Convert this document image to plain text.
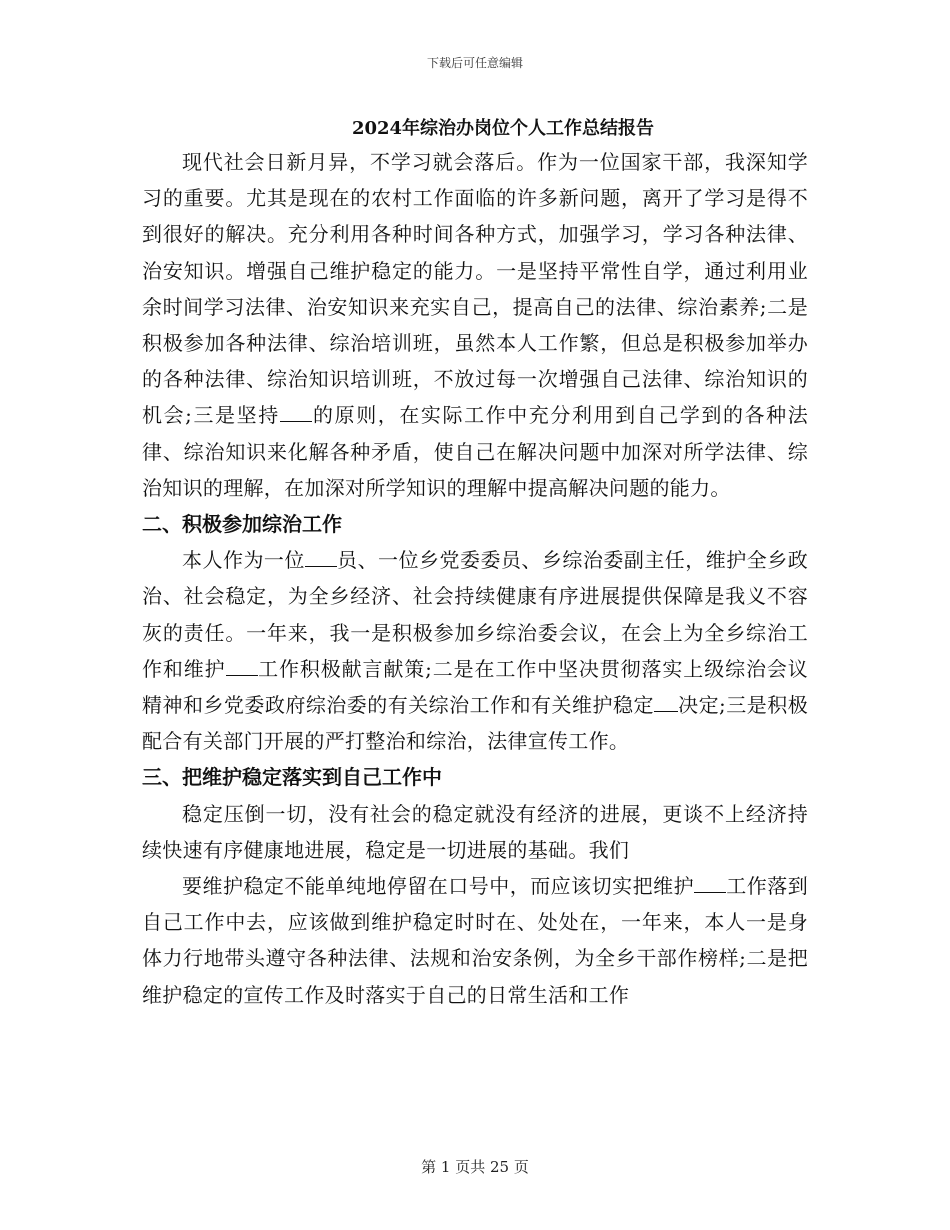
下载后可任意编辑
2024年综治办岗位个人工作总结报告

现代社会日新月异，不学习就会落后。作为一位国家干部，我深知学习的重要。尤其是现在的农村工作面临的许多新问题，离开了学习是得不到很好的解决。充分利用各种时间各种方式，加强学习，学习各种法律、治安知识。增强自己维护稳定的能力。一是坚持平常性自学，通过利用业余时间学习法律、治安知识来充实自己，提高自己的法律、综治素养;二是积极参加各种法律、综治培训班，虽然本人工作繁，但总是积极参加举办的各种法律、综治知识培训班，不放过每一次增强自己法律、综治知识的机会;三是坚持 的原则，在实际工作中充分利用到自己学到的各种法律、综治知识来化解各种矛盾，使自己在解决问题中加深对所学法律、综治知识的理解，在加深对所学知识的理解中提高解决问题的能力。

二、积极参加综治工作

本人作为一位 员、一位乡党委委员、乡综治委副主任，维护全乡政治、社会稳定，为全乡经济、社会持续健康有序进展提供保障是我义不容灰的责任。一年来，我一是积极参加乡综治委会议，在会上为全乡综治工作和维护 工作积极献言献策;二是在工作中坚决贯彻落实上级综治会议精神和乡党委政府综治委的有关综治工作和有关维护稳定 决定;三是积极配合有关部门开展的严打整治和综治，法律宣传工作。

三、把维护稳定落实到自己工作中

稳定压倒一切，没有社会的稳定就没有经济的进展，更谈不上经济持续快速有序健康地进展，稳定是一切进展的基础。我们

要维护稳定不能单纯地停留在口号中，而应该切实把维护 工作落到自己工作中去，应该做到维护稳定时时在、处处在，一年来，本人一是身体力行地带头遵守各种法律、法规和治安条例，为全乡干部作榜样;二是把维护稳定的宣传工作及时落实于自己的日常生活和工作

第 1 页共 25 页
